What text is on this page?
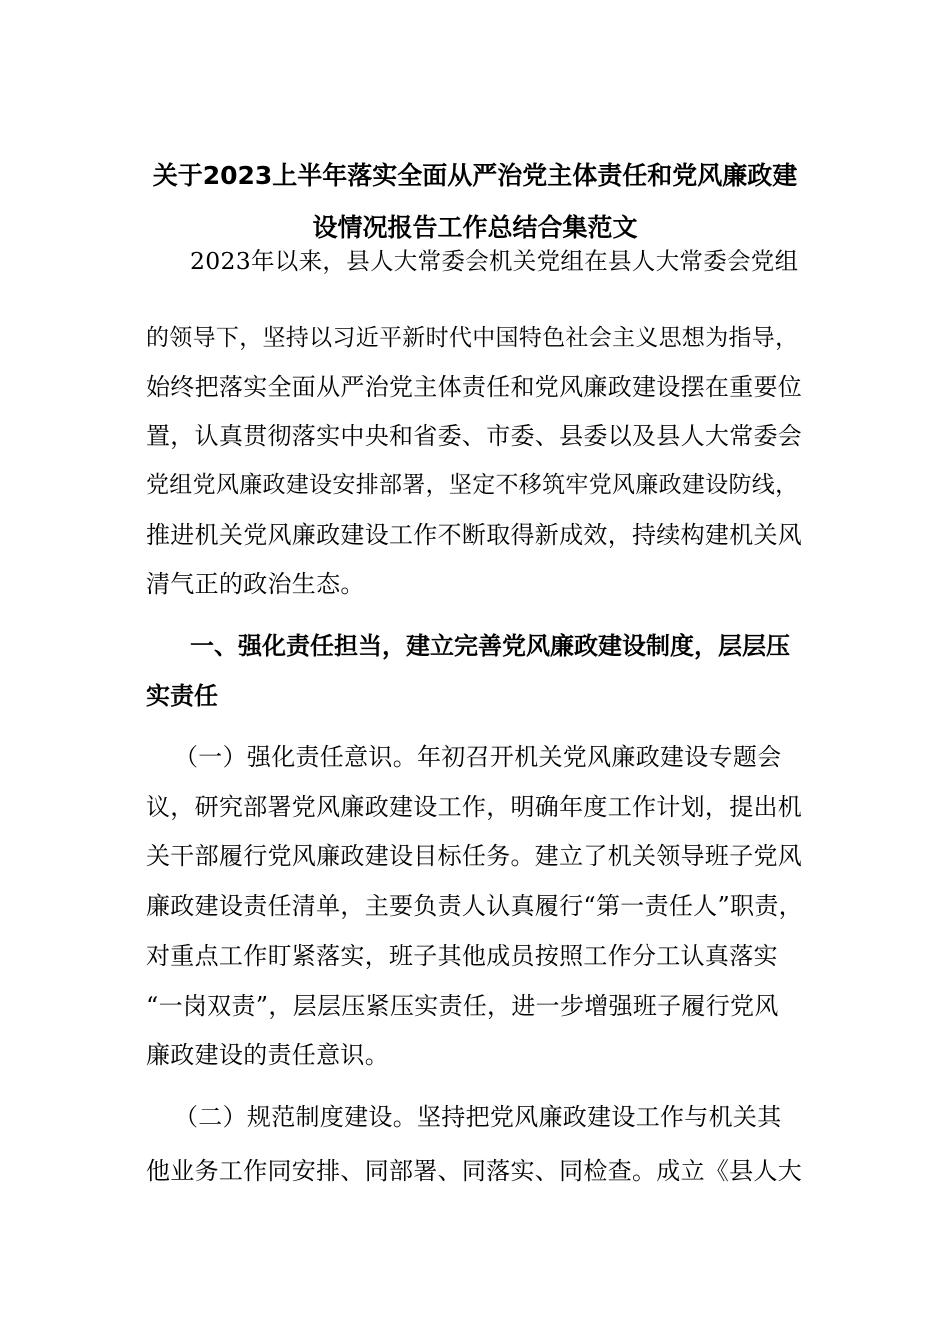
关于2023上半年落实全面从严治党主体责任和党风廉政建
设情况报告工作总结合集范文
2023年以来，县人大常委会机关党组在县人大常委会党组
的领导下，坚持以习近平新时代中国特色社会主义思想为指导，
始终把落实全面从严治党主体责任和党风廉政建设摆在重要位
置，认真贯彻落实中央和省委、市委、县委以及县人大常委会
党组党风廉政建设安排部署，坚定不移筑牢党风廉政建设防线，
推进机关党风廉政建设工作不断取得新成效，持续构建机关风
清气正的政治生态。
一、强化责任担当，建立完善党风廉政建设制度，层层压
实责任
（一）强化责任意识。年初召开机关党风廉政建设专题会
议，研究部署党风廉政建设工作，明确年度工作计划，提出机
关干部履行党风廉政建设目标任务。建立了机关领导班子党风
廉政建设责任清单，主要负责人认真履行“第一责任人”职责，
对重点工作盯紧落实，班子其他成员按照工作分工认真落实
“一岗双责”，层层压紧压实责任，进一步增强班子履行党风
廉政建设的责任意识。
（二）规范制度建设。坚持把党风廉政建设工作与机关其
他业务工作同安排、同部署、同落实、同检查。成立《县人大
